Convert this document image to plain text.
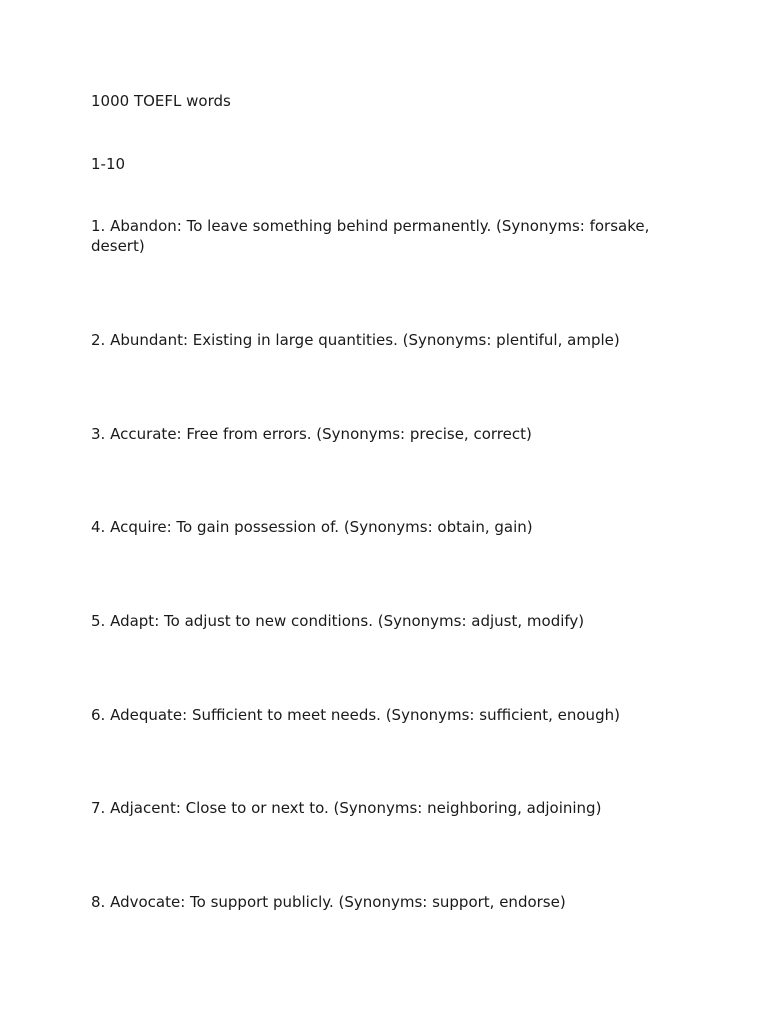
1000 TOEFL words

1-10

1. Abandon: To leave something behind permanently. (Synonyms: forsake, desert)

2. Abundant: Existing in large quantities. (Synonyms: plentiful, ample)

3. Accurate: Free from errors. (Synonyms: precise, correct)

4. Acquire: To gain possession of. (Synonyms: obtain, gain)

5. Adapt: To adjust to new conditions. (Synonyms: adjust, modify)

6. Adequate: Sufficient to meet needs. (Synonyms: sufficient, enough)

7. Adjacent: Close to or next to. (Synonyms: neighboring, adjoining)

8. Advocate: To support publicly. (Synonyms: support, endorse)
